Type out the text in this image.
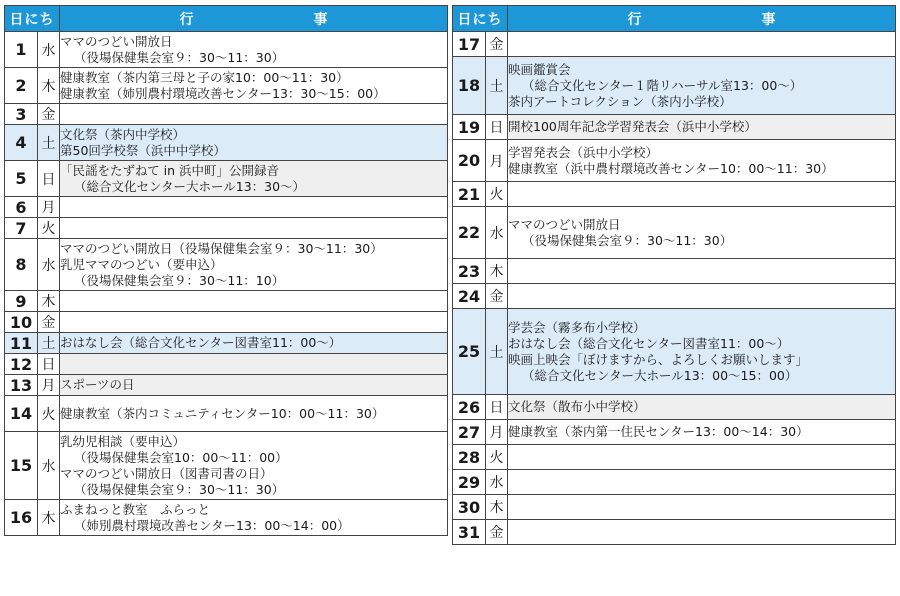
日にち		行 事
1	水	ママのつどい開放日
（役場保健集会室９：30～11：30）

2	木	健康教室（茶内第三母と子の家10：00～11：30）
健康教室（姉別農村環境改善センター13：30～15：00）

3	金	
4	土	文化祭（茶内中学校）
第50回学校祭（浜中中学校）

5	日	「民謡をたずねて in 浜中町」公開録音
（総合文化センター大ホール13：30～）

6	月	
7	火	
8	水	ママのつどい開放日（役場保健集会室９：30～11：30）
乳児ママのつどい（要申込）
（役場保健集会室９：30～11：10）

9	木	
10	金	
11	土	おはなし会（総合文化センター図書室11：00～）

12	日	
13	月	スポーツの日

14	火	健康教室（茶内コミュニティセンター10：00～11：30）

15	水	乳幼児相談（要申込）
（役場保健集会室10：00～11：00）
ママのつどい開放日（図書司書の日）
（役場保健集会室９：30～11：30）

16	木	ふまねっと教室　ふらっと
（姉別農村環境改善センター13：00～14：00）
日にち		行 事
17	金	
18	土	映画鑑賞会
（総合文化センター１階リハーサル室13：00～）
茶内アートコレクション（茶内小学校）

19	日	開校100周年記念学習発表会（浜中小学校）

20	月	学習発表会（浜中小学校）
健康教室（浜中農村環境改善センター10：00～11：30）

21	火	
22	水	ママのつどい開放日
（役場保健集会室９：30～11：30）

23	木	
24	金	
25	土	学芸会（霧多布小学校）
おはなし会（総合文化センター図書室11：00～）
映画上映会「ぼけますから、よろしくお願いします」
（総合文化センター大ホール13：00～15：00）

26	日	文化祭（散布小中学校）

27	月	健康教室（茶内第一住民センター13：00～14：30）

28	火	
29	水	
30	木	
31	金	
